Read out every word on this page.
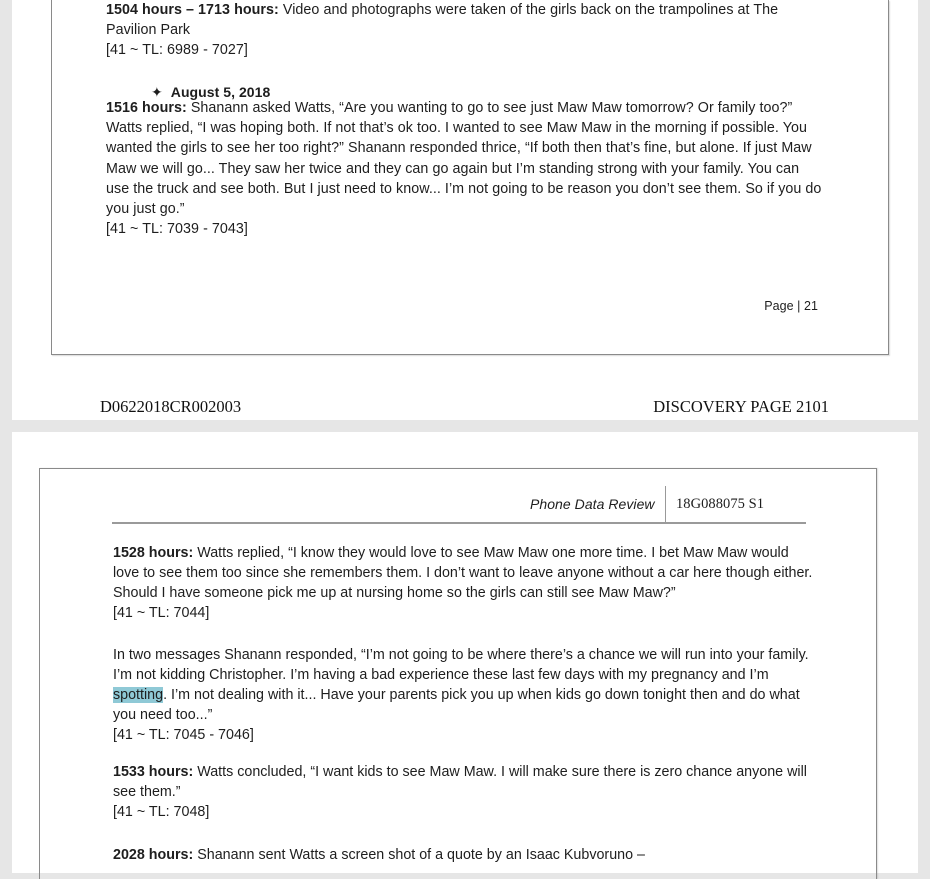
1504 hours – 1713 hours: Video and photographs were taken of the girls back on the trampolines at The Pavilion Park
[41 ~ TL: 6989 - 7027]
✦ August 5, 2018
1516 hours: Shanann asked Watts, “Are you wanting to go to see just Maw Maw tomorrow? Or family too?” Watts replied, “I was hoping both. If not that’s ok too. I wanted to see Maw Maw in the morning if possible. You wanted the girls to see her too right?” Shanann responded thrice, “If both then that’s fine, but alone. If just Maw Maw we will go... They saw her twice and they can go again but I’m standing strong with your family. You can use the truck and see both. But I just need to know... I’m not going to be reason you don’t see them. So if you do you just go.”
[41 ~ TL: 7039 - 7043]
Page | 21
D0622018CR002003	DISCOVERY PAGE 2101
Phone Data Review 18G088075 S1
1528 hours: Watts replied, “I know they would love to see Maw Maw one more time. I bet Maw Maw would love to see them too since she remembers them. I don’t want to leave anyone without a car here though either. Should I have someone pick me up at nursing home so the girls can still see Maw Maw?”
[41 ~ TL: 7044]
In two messages Shanann responded, “I’m not going to be where there’s a chance we will run into your family. I’m not kidding Christopher. I’m having a bad experience these last few days with my pregnancy and I’m spotting. I’m not dealing with it... Have your parents pick you up when kids go down tonight then and do what you need too...”
[41 ~ TL: 7045 - 7046]
1533 hours: Watts concluded, “I want kids to see Maw Maw. I will make sure there is zero chance anyone will see them.”
[41 ~ TL: 7048]
2028 hours: Shanann sent Watts a screen shot of a quote by an Isaac Kubvoruno –
